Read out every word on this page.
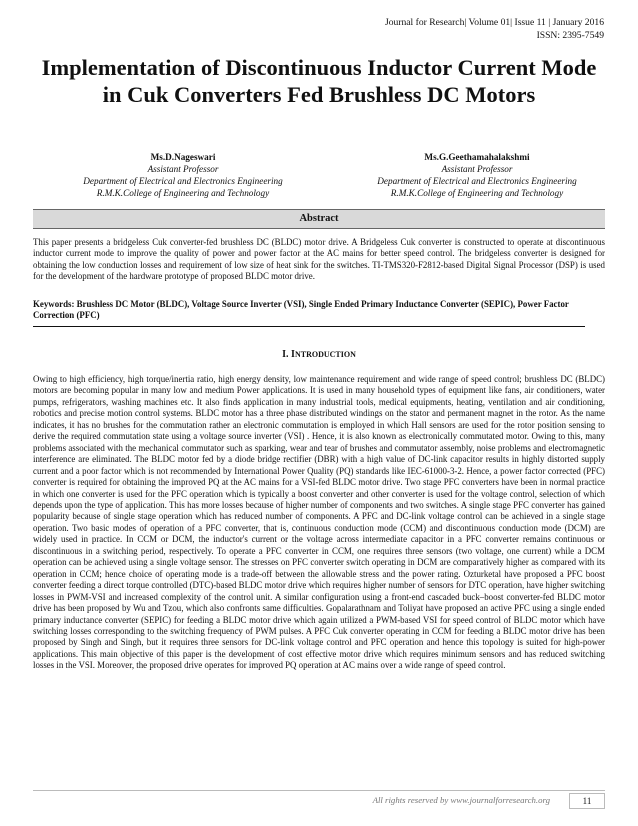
Journal for Research| Volume 01| Issue 11 | January 2016
ISSN: 2395-7549
Implementation of Discontinuous Inductor Current Mode in Cuk Converters Fed Brushless DC Motors
Ms.D.Nageswari
Assistant Professor
Department of Electrical and Electronics Engineering
R.M.K.College of Engineering and Technology
Ms.G.Geethamahalakshmi
Assistant Professor
Department of Electrical and Electronics Engineering
R.M.K.College of Engineering and Technology
Abstract
This paper presents a bridgeless Cuk converter-fed brushless DC (BLDC) motor drive. A Bridgeless Cuk converter is constructed to operate at discontinuous inductor current mode to improve the quality of power and power factor at the AC mains for better speed control. The bridgeless converter is designed for obtaining the low conduction losses and requirement of low size of heat sink for the switches. TI-TMS320-F2812-based Digital Signal Processor (DSP) is used for the development of the hardware prototype of proposed BLDC motor drive.
Keywords: Brushless DC Motor (BLDC), Voltage Source Inverter (VSI), Single Ended Primary Inductance Converter (SEPIC), Power Factor Correction (PFC)
I. INTRODUCTION
Owing to high efficiency, high torque/inertia ratio, high energy density, low maintenance requirement and wide range of speed control; brushless DC (BLDC) motors are becoming popular in many low and medium Power applications. It is used in many household types of equipment like fans, air conditioners, water pumps, refrigerators, washing machines etc. It also finds application in many industrial tools, medical equipments, heating, ventilation and air conditioning, robotics and precise motion control systems. BLDC motor has a three phase distributed windings on the stator and permanent magnet in the rotor. As the name indicates, it has no brushes for the commutation rather an electronic commutation is employed in which Hall sensors are used for the rotor position sensing to derive the required commutation state using a voltage source inverter (VSI) . Hence, it is also known as electronically commutated motor. Owing to this, many problems associated with the mechanical commutator such as sparking, wear and tear of brushes and commutator assembly, noise problems and electromagnetic interference are eliminated. The BLDC motor fed by a diode bridge rectifier (DBR) with a high value of DC-link capacitor results in highly distorted supply current and a poor factor which is not recommended by International Power Quality (PQ) standards like IEC-61000-3-2. Hence, a power factor corrected (PFC) converter is required for obtaining the improved PQ at the AC mains for a VSI-fed BLDC motor drive. Two stage PFC converters have been in normal practice in which one converter is used for the PFC operation which is typically a boost converter and other converter is used for the voltage control, selection of which depends upon the type of application. This has more losses because of higher number of components and two switches. A single stage PFC converter has gained popularity because of single stage operation which has reduced number of components. A PFC and DC-link voltage control can be achieved in a single stage operation. Two basic modes of operation of a PFC converter, that is, continuous conduction mode (CCM) and discontinuous conduction mode (DCM) are widely used in practice. In CCM or DCM, the inductor's current or the voltage across intermediate capacitor in a PFC converter remains continuous or discontinuous in a switching period, respectively. To operate a PFC converter in CCM, one requires three sensors (two voltage, one current) while a DCM operation can be achieved using a single voltage sensor. The stresses on PFC converter switch operating in DCM are comparatively higher as compared with its operation in CCM; hence choice of operating mode is a trade-off between the allowable stress and the power rating. Ozturketal have proposed a PFC boost converter feeding a direct torque controlled (DTC)-based BLDC motor drive which requires higher number of sensors for DTC operation, have higher switching losses in PWM-VSI and increased complexity of the control unit. A similar configuration using a front-end cascaded buck–boost converter-fed BLDC motor drive has been proposed by Wu and Tzou, which also confronts same difficulties. Gopalarathnam and Toliyat have proposed an active PFC using a single ended primary inductance converter (SEPIC) for feeding a BLDC motor drive which again utilized a PWM-based VSI for speed control of BLDC motor which have switching losses corresponding to the switching frequency of PWM pulses. A PFC Cuk converter operating in CCM for feeding a BLDC motor drive has been proposed by Singh and Singh, but it requires three sensors for DC-link voltage control and PFC operation and hence this topology is suited for high-power applications. This main objective of this paper is the development of cost effective motor drive which requires minimum sensors and has reduced switching losses in the VSI. Moreover, the proposed drive operates for improved PQ operation at AC mains over a wide range of speed control.
All rights reserved by www.journalforresearch.org	11
